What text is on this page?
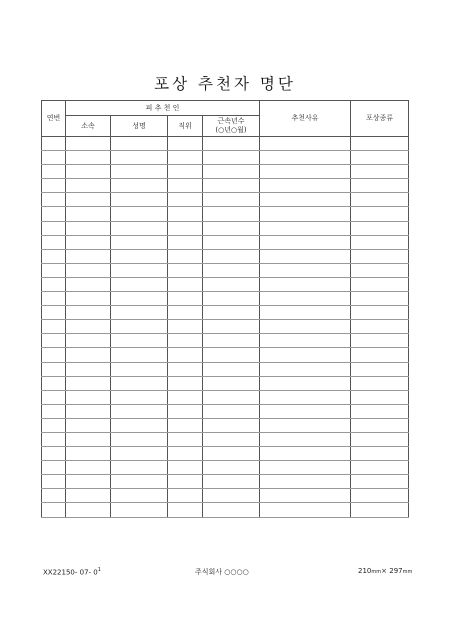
포상 추천자 명단
연번	피 추 천 인				추천사유	포상종류
	소속	성명	직위	근속년수
(○년○월)		

XX22150- 07- $0^1$	주식회사 ○○○○	210mm× 297mm
